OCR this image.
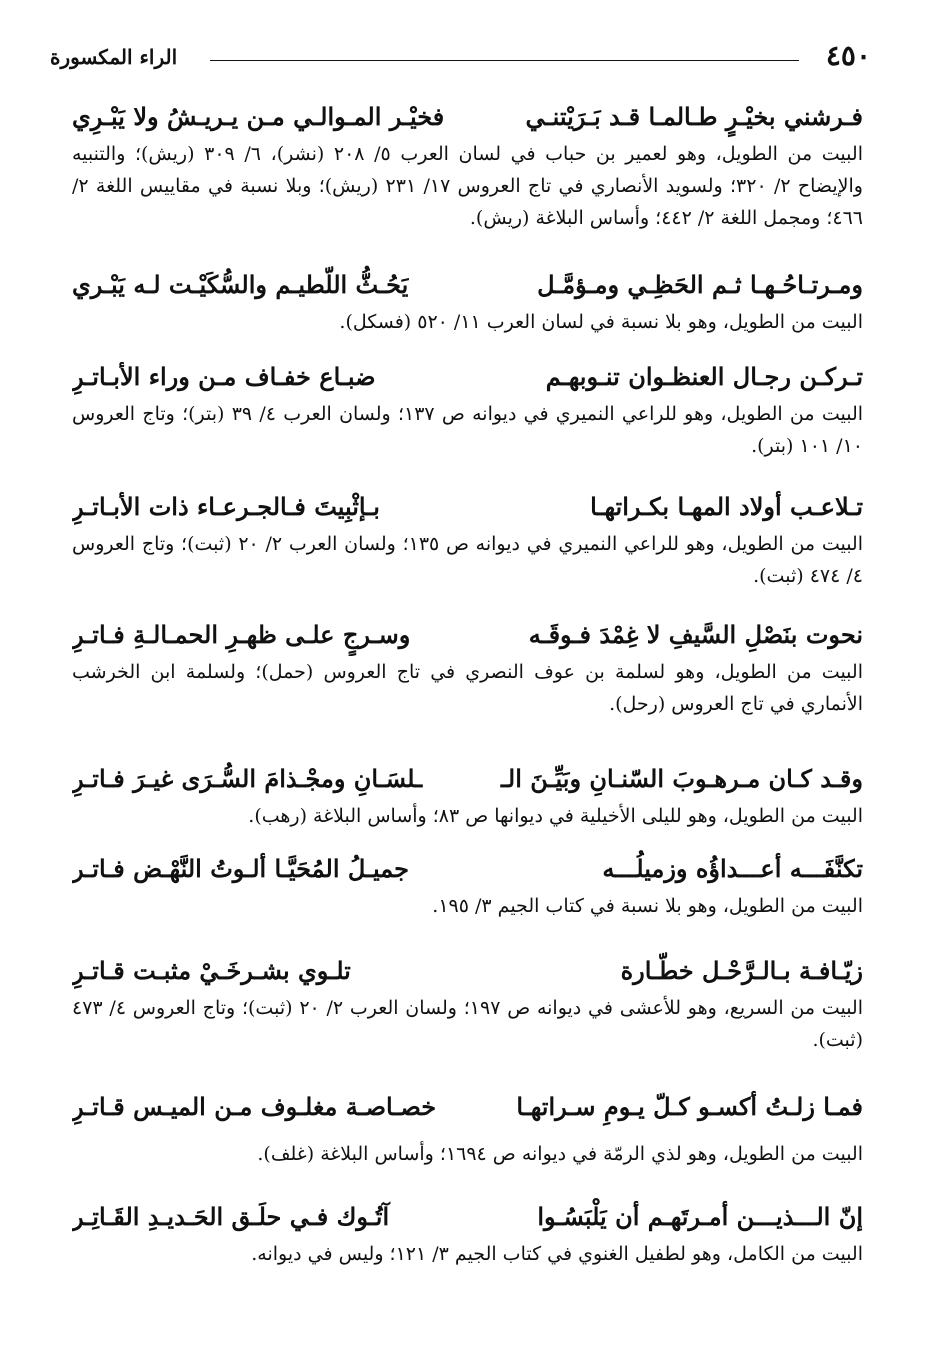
٤٥٠
الراء المكسورة
فـرشني بخيْـرٍ طـالمـا قـد بَـرَيْتنـي
فخيْـر المـوالـي مـن يـريـشُ ولا يَبْـرِي
البيت من الطويل، وهو لعمير بن حباب في لسان العرب ٥/ ٢٠٨ (نشر)، ٦/ ٣٠٩ (ريش)؛ والتنبيه والإيضاح ٢/ ٣٢٠؛ ولسويد الأنصاري في تاج العروس ١٧/ ٢٣١ (ريش)؛ وبلا نسبة في مقاييس اللغة ٢/ ٤٦٦؛ ومجمل اللغة ٢/ ٤٤٢؛ وأساس البلاغة (ريش).
ومـرتـاحُـهـا ثـم الحَظِـي ومـؤمَّـل
يَحُـثُّ اللّطيـم والسُّكَيْـت لـه يَبْـري
البيت من الطويل، وهو بلا نسبة في لسان العرب ١١/ ٥٢٠ (فسكل).
تـركـن رجـال العنظـوان تنـوبهـم
ضبـاع خفـاف مـن وراء الأبـاتـرِ
البيت من الطويل، وهو للراعي النميري في ديوانه ص ١٣٧؛ ولسان العرب ٤/ ٣٩ (بتر)؛ وتاج العروس ١٠/ ١٠١ (بتر).
تـلاعـب أولاد المهـا بكـراتهـا
بـإثْبِيتَ فـالجـرعـاء ذات الأبـاتـرِ
البيت من الطويل، وهو للراعي النميري في ديوانه ص ١٣٥؛ ولسان العرب ٢/ ٢٠ (ثبت)؛ وتاج العروس ٤/ ٤٧٤ (ثبت).
نحوت بنَصْلِ السَّيفِ لا غِمْدَ فـوقَـه
وسـرجٍ علـى ظهـرِ الحمـالـةِ فـاتـرِ
البيت من الطويل، وهو لسلمة بن عوف النصري في تاج العروس (حمل)؛ ولسلمة ابن الخرشب الأنماري في تاج العروس (رحل).
وقـد كـان مـرهـوبَ السّنـانِ وبَيِّـنَ الـ
ـلسَـانِ ومجْـذامَ السُّـرَى غيـرَ فـاتـرِ
البيت من الطويل، وهو لليلى الأخيلية في ديوانها ص ٨٣؛ وأساس البلاغة (رهب).
تكنَّفَـــه أعـــداؤُه وزميلُـــه
جميـلُ المُحَيَّـا ألـوتُ النَّهْـض فـاتـر
البيت من الطويل، وهو بلا نسبة في كتاب الجيم ٣/ ١٩٥.
زيّـافـة بـالـرَّحْـل خطّـارة
تلـوي بشـرخَـيْ مثبـت قـاتـرِ
البيت من السريع، وهو للأعشى في ديوانه ص ١٩٧؛ ولسان العرب ٢/ ٢٠ (ثبت)؛ وتاج العروس ٤/ ٤٧٣ (ثبت).
فمـا زلـتُ أكسـو كـلّ يـومِ سـراتهـا
خصـاصـة مغلـوف مـن الميـس قـاتـرِ
البيت من الطويل، وهو لذي الرمّة في ديوانه ص ١٦٩٤؛ وأساس البلاغة (غلف).
إنّ الـــذيـــن أمـرتَهـم أن يَلْبَسُـوا
آتُـوك فـي حلَـق الحَـديـدِ القَـاتِـر
البيت من الكامل، وهو لطفيل الغنوي في كتاب الجيم ٣/ ١٢١؛ وليس في ديوانه.
